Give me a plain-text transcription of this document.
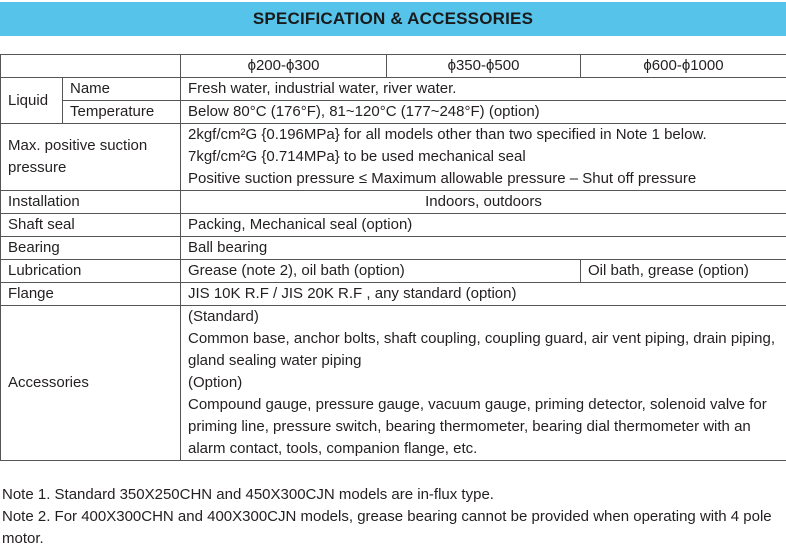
SPECIFICATION & ACCESSORIES
		ϕ200-ϕ300	ϕ350-ϕ500	ϕ600-ϕ1000
Liquid	Name	Fresh water, industrial water, river water.		
	Temperature	Below 80°C (176°F), 81~120°C (177~248°F) (option)		
Max. positive suction pressure		2kgf/cm²G {0.196MPa} for all models other than two specified in Note 1 below.
7kgf/cm²G {0.714MPa} to be used mechanical seal
Positive suction pressure ≤ Maximum allowable pressure – Shut off pressure		

Installation		Indoors, outdoors		
Shaft seal		Packing, Mechanical seal (option)		
Bearing		Ball bearing		
Lubrication		Grease (note 2), oil bath (option)		Oil bath, grease (option)
Flange		JIS 10K R.F / JIS 20K R.F , any standard (option)		
Accessories		(Standard)
Common base, anchor bolts, shaft coupling, coupling guard, air vent piping, drain piping, gland sealing water piping
(Option)
Compound gauge, pressure gauge, vacuum gauge, priming detector, solenoid valve for priming line, pressure switch, bearing thermometer, bearing dial thermometer with an alarm contact, tools, companion flange, etc.		

Note 1. Standard 350X250CHN and 450X300CJN models are in-flux type.

Note 2. For 400X300CHN and 400X300CJN models, grease bearing cannot be provided when operating with 4 pole motor.
